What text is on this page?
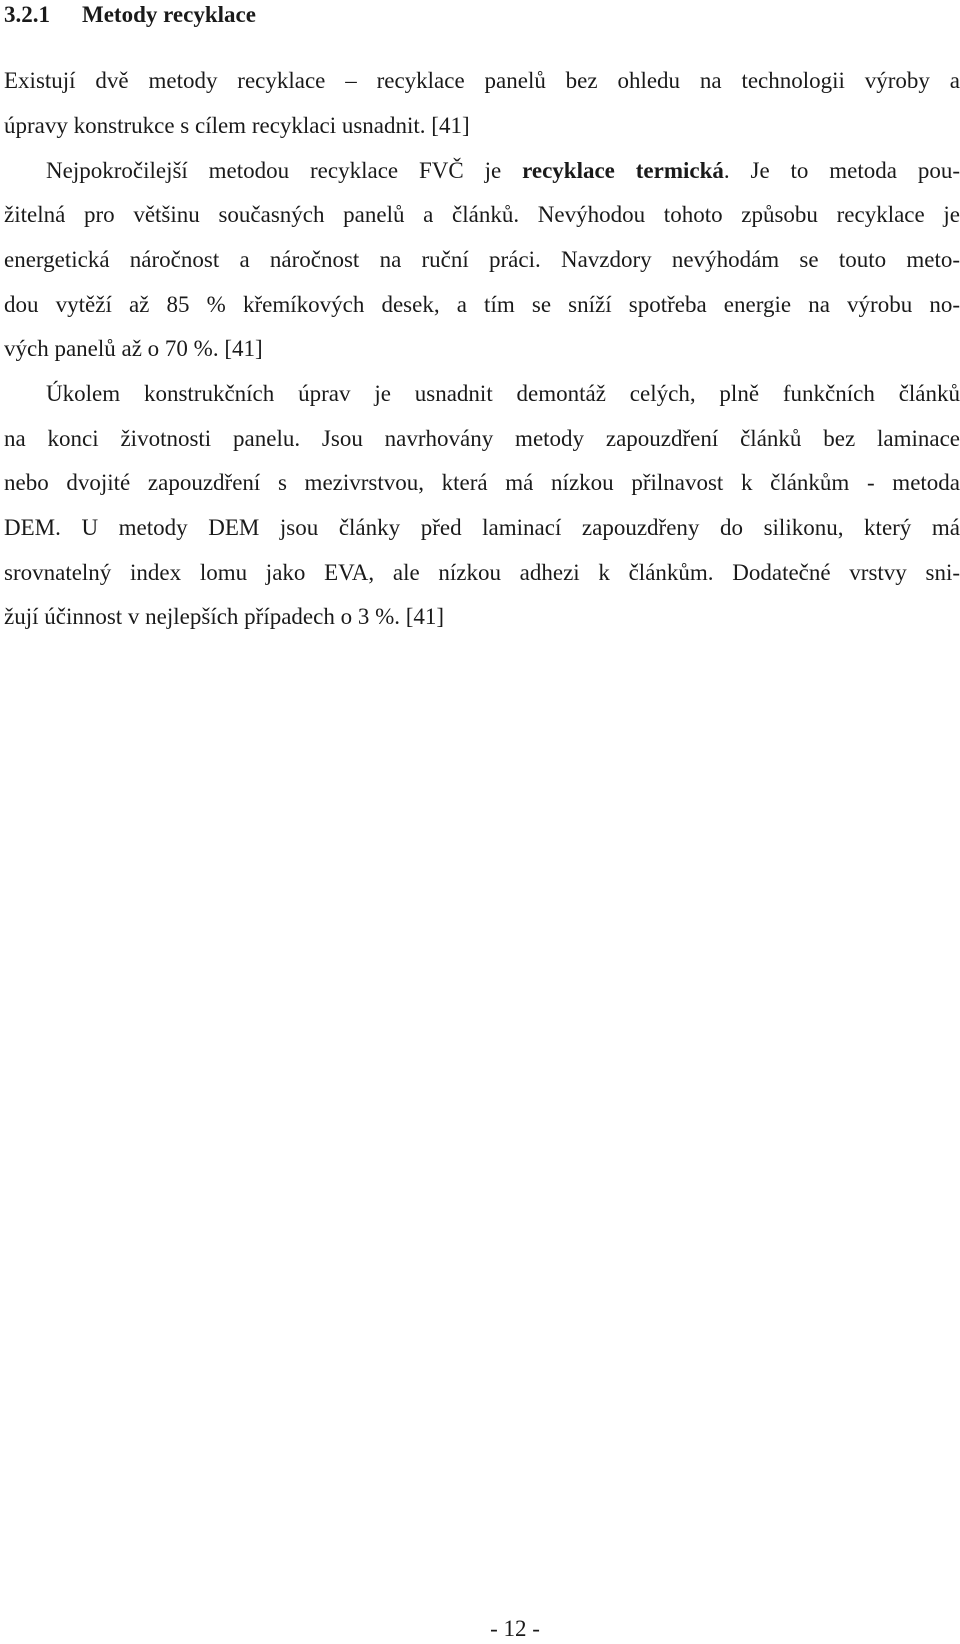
3.2.1 Metody recyklace
Existují dvě metody recyklace – recyklace panelů bez ohledu na technologii výroby a
úpravy konstrukce s cílem recyklaci usnadnit. [41]
Nejpokročilejší metodou recyklace FVČ je recyklace termická. Je to metoda pou-
žitelná pro většinu současných panelů a článků. Nevýhodou tohoto způsobu recyklace je
energetická náročnost a náročnost na ruční práci. Navzdory nevýhodám se touto meto-
dou vytěží až 85 % křemíkových desek, a tím se sníží spotřeba energie na výrobu no-
vých panelů až o 70 %. [41]
Úkolem konstrukčních úprav je usnadnit demontáž celých, plně funkčních článků
na konci životnosti panelu. Jsou navrhovány metody zapouzdření článků bez laminace
nebo dvojité zapouzdření s mezivrstvou, která má nízkou přilnavost k článkům - metoda
DEM. U metody DEM jsou články před laminací zapouzdřeny do silikonu, který má
srovnatelný index lomu jako EVA, ale nízkou adhezi k článkům. Dodatečné vrstvy sni-
žují účinnost v nejlepších případech o 3 %. [41]
- 12 -
